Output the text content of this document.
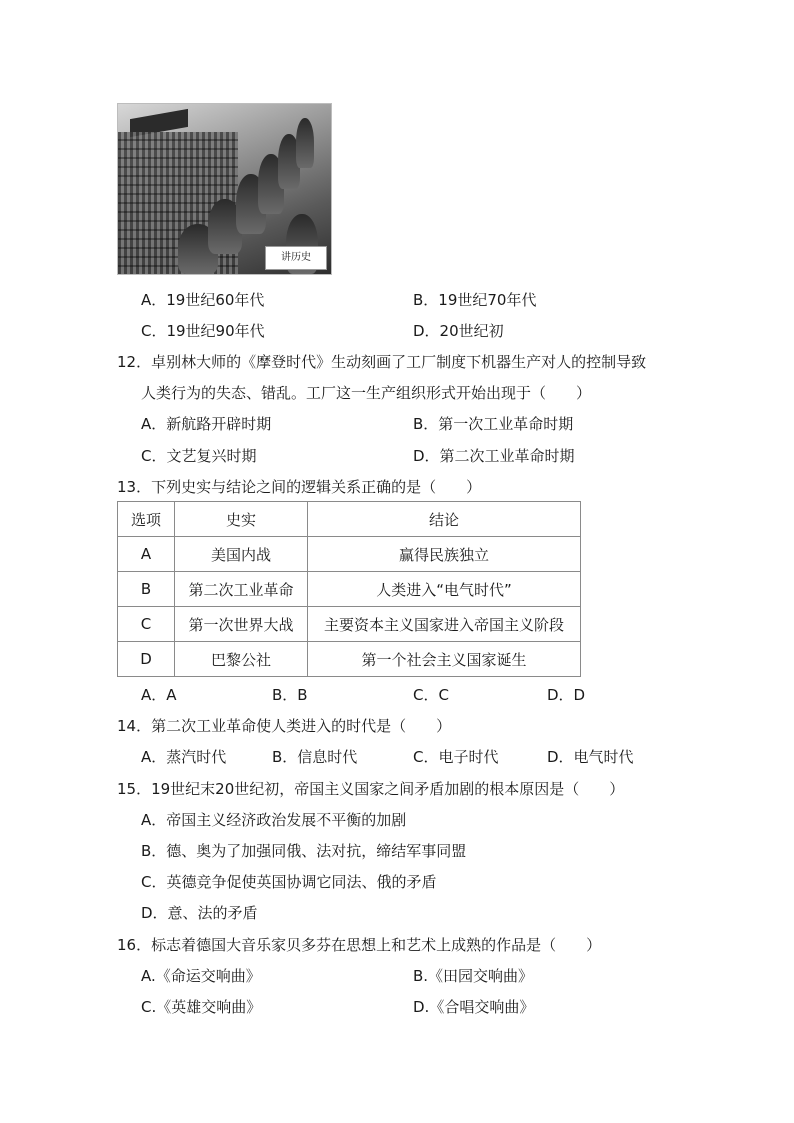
讲历史
A．19世纪60年代	B．19世纪70年代
C．19世纪90年代	D．20世纪初
12．卓别林大师的《摩登时代》生动刻画了工厂制度下机器生产对人的控制导致
人类行为的失态、错乱。工厂这一生产组织形式开始出现于（　　）
A．新航路开辟时期	B．第一次工业革命时期
C．文艺复兴时期	D．第二次工业革命时期
13．下列史实与结论之间的逻辑关系正确的是（　　）
选项	史实	结论
A	美国内战	赢得民族独立
B	第二次工业革命	人类进入“电气时代”
C	第一次世界大战	主要资本主义国家进入帝国主义阶段
D	巴黎公社	第一个社会主义国家诞生
A．A	B．B	C．C	D．D
14．第二次工业革命使人类进入的时代是（　　）
A．蒸汽时代	B．信息时代	C．电子时代	D．电气时代
15．19世纪末20世纪初，帝国主义国家之间矛盾加剧的根本原因是（　　）
A．帝国主义经济政治发展不平衡的加剧
B．德、奥为了加强同俄、法对抗，缔结军事同盟
C．英德竞争促使英国协调它同法、俄的矛盾
D．意、法的矛盾
16．标志着德国大音乐家贝多芬在思想上和艺术上成熟的作品是（　　）
A.《命运交响曲》	B.《田园交响曲》
C.《英雄交响曲》	D.《合唱交响曲》
